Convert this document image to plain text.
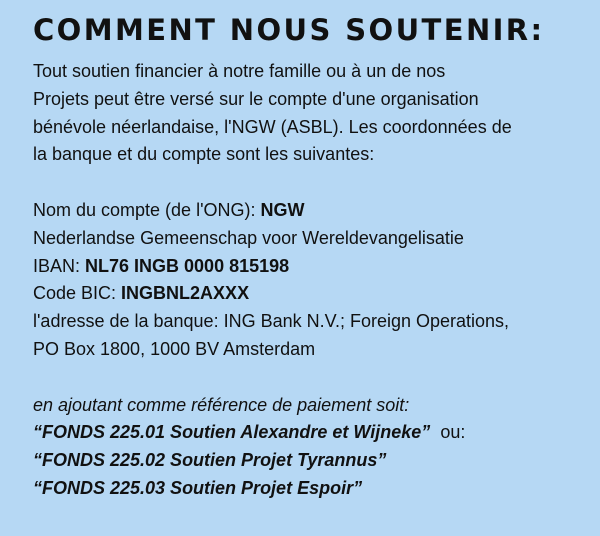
COMMENT NOUS SOUTENIR:
Tout soutien financier à notre famille ou à un de nos
Projets peut être versé sur le compte d'une organisation
bénévole néerlandaise, l'NGW (ASBL). Les coordonnées de
la banque et du compte sont les suivantes:
Nom du compte (de l'ONG): NGW
Nederlandse Gemeenschap voor Wereldevangelisatie
IBAN: NL76 INGB 0000 815198
Code BIC: INGBNL2AXXX
l'adresse de la banque: ING Bank N.V.; Foreign Operations,
PO Box 1800, 1000 BV Amsterdam
en ajoutant comme référence de paiement soit:
“FONDS 225.01 Soutien Alexandre et Wijneke” ou:
“FONDS 225.02 Soutien Projet Tyrannus”
“FONDS 225.03 Soutien Projet Espoir”
